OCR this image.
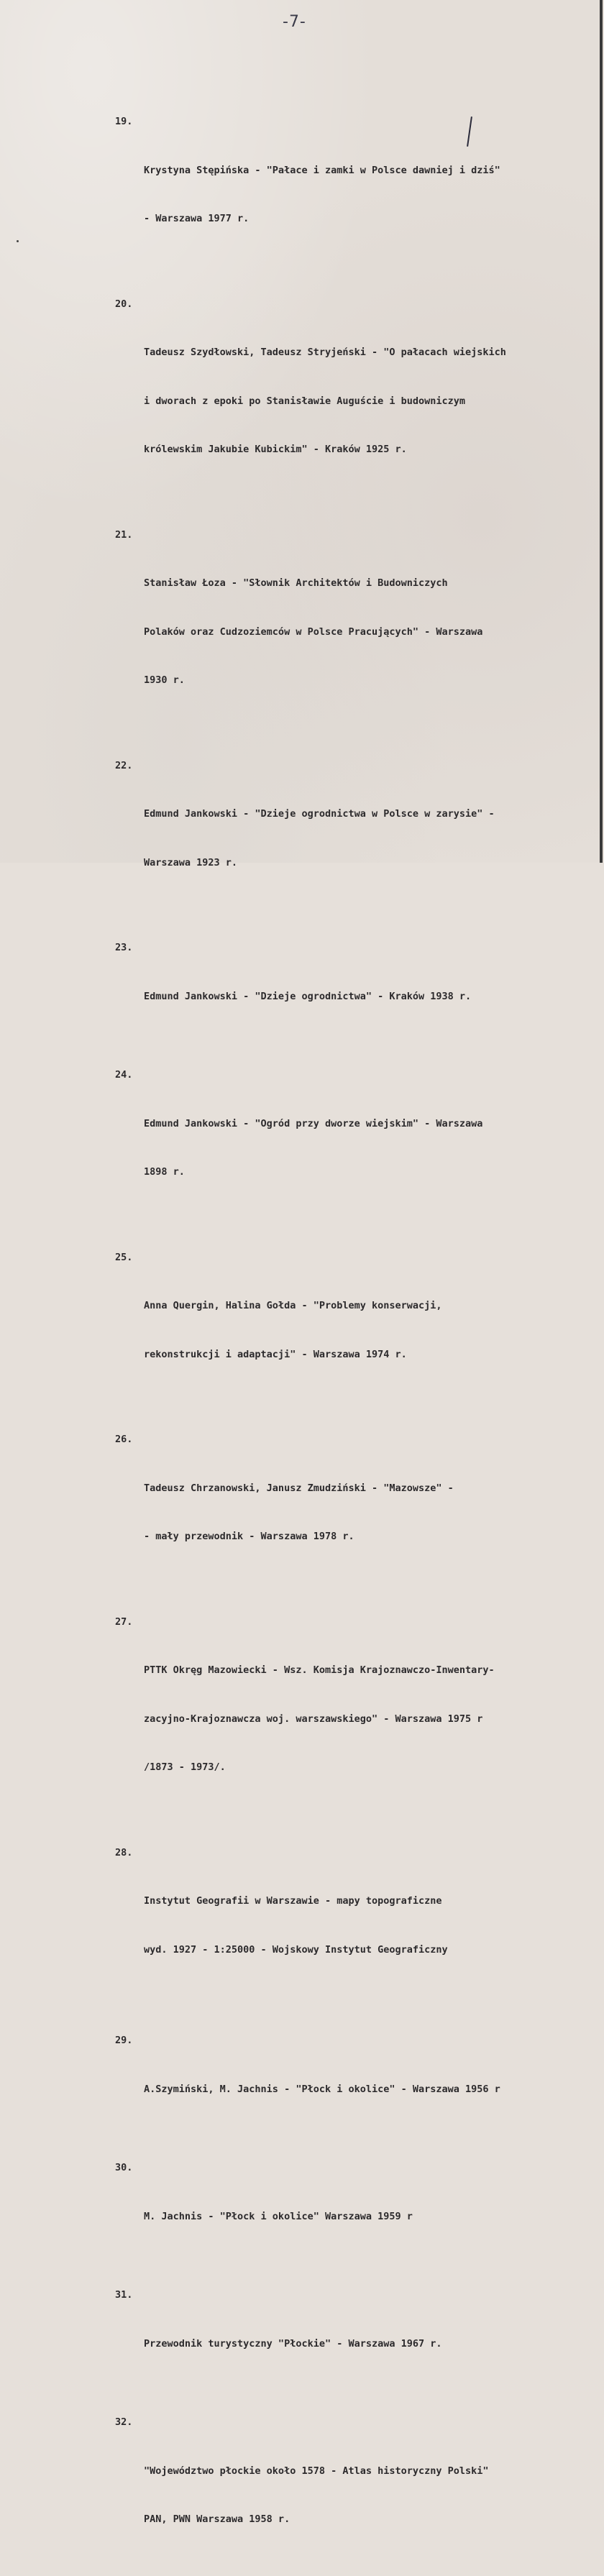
-7-

19.

Krystyna Stępińska - "Pałace i zamki w Polsce dawniej i dziś"

- Warszawa 1977 r.

20.

Tadeusz Szydłowski, Tadeusz Stryjeński - "O pałacach wiejskich

i dworach z epoki po Stanisławie Auguście i budowniczym

królewskim Jakubie Kubickim" - Kraków 1925 r.

21.

Stanisław Łoza - "Słownik Architektów i Budowniczych

Polaków oraz Cudzoziemców w Polsce Pracujących" - Warszawa

1930 r.

22.

Edmund Jankowski - "Dzieje ogrodnictwa w Polsce w zarysie" -

Warszawa 1923 r.

23.

Edmund Jankowski - "Dzieje ogrodnictwa" - Kraków 1938 r.

24.

Edmund Jankowski - "Ogród przy dworze wiejskim" - Warszawa

1898 r.

25.

Anna Quergin, Halina Gołda - "Problemy konserwacji,

rekonstrukcji i adaptacji" - Warszawa 1974 r.

26.

Tadeusz Chrzanowski, Janusz Zmudziński - "Mazowsze" -

- mały przewodnik - Warszawa 1978 r.

27.

PTTK Okręg Mazowiecki - Wsz. Komisja Krajoznawczo-Inwentary-

zacyjno-Krajoznawcza woj. warszawskiego" - Warszawa 1975 r

/1873 - 1973/.

28.

Instytut Geografii w Warszawie - mapy topograficzne

wyd. 1927 - 1:25000 - Wojskowy Instytut Geograficzny

29.

A.Szymiński, M. Jachnis - "Płock i okolice" - Warszawa 1956 r

30.

M. Jachnis - "Płock i okolice" Warszawa 1959 r

31.

Przewodnik turystyczny "Płockie" - Warszawa 1967 r.

32.

"Województwo płockie około 1578 - Atlas historyczny Polski"

PAN, PWN Warszawa 1958 r.
